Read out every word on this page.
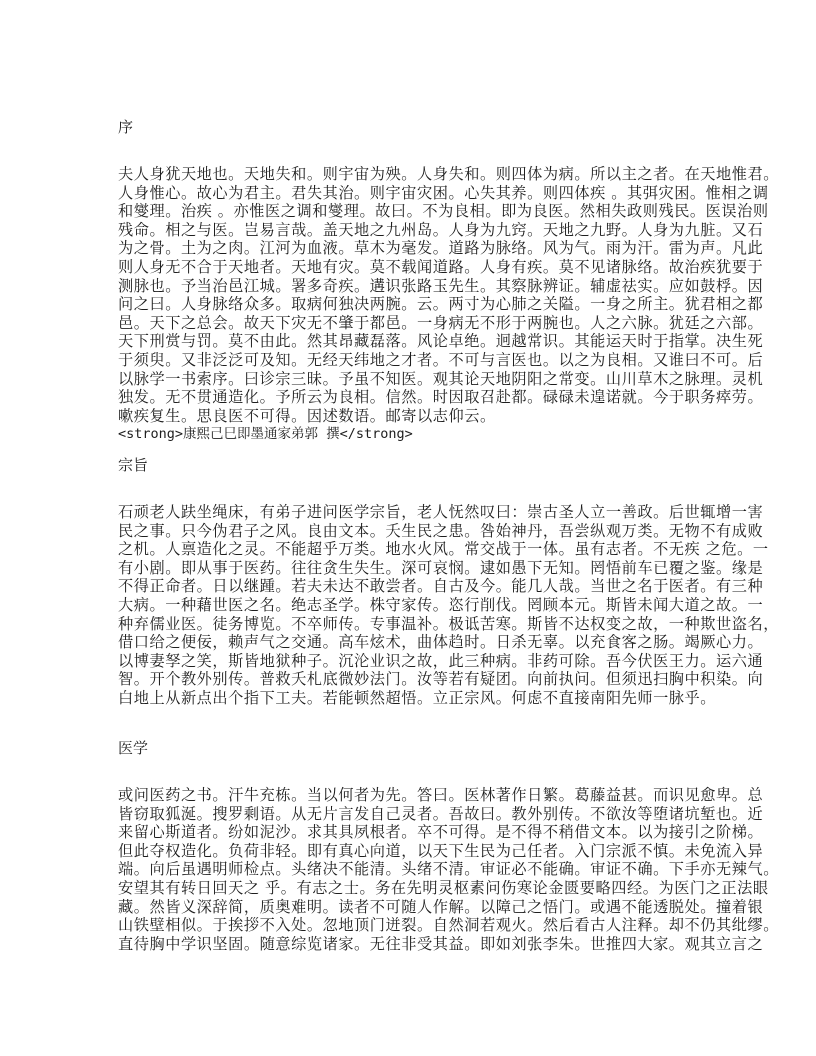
序
夫人身犹天地也。天地失和。则宇宙为殃。人身失和。则四体为病。所以主之者。在天地惟君。
人身惟心。故心为君主。君失其治。则宇宙灾困。心失其养。则四体疾 。其弭灾困。惟相之调
和燮理。治疾 。亦惟医之调和燮理。故曰。不为良相。即为良医。然相失政则残民。医误治则
残命。相之与医。岂易言哉。盖天地之九州岛。人身为九窍。天地之九野。人身为九脏。又石
为之骨。土为之肉。江河为血液。草木为毫发。道路为脉络。风为气。雨为汗。雷为声。凡此
则人身无不合于天地者。天地有灾。莫不载闻道路。人身有疾。莫不见诸脉络。故治疾犹要于
测脉也。予当治邑江城。署多奇疾。遘识张路玉先生。其察脉辨证。辅虚祛实。应如鼓桴。因
问之曰。人身脉络众多。取病何独决两腕。云。两寸为心肺之关隘。一身之所主。犹君相之都
邑。天下之总会。故天下灾无不肇于都邑。一身病无不形于两腕也。人之六脉。犹廷之六部。
天下刑赏与罚。莫不由此。然其昂藏磊落。风论卓绝。迥越常识。其能运天时于指掌。决生死
于须臾。又非泛泛可及知。无经天纬地之才者。不可与言医也。以之为良相。又谁曰不可。后
以脉学一书索序。曰诊宗三昧。予虽不知医。观其论天地阴阳之常变。山川草木之脉理。灵机
独发。无不贯通造化。予所云为良相。信然。时因取召赴都。碌碌未遑诺就。今于职务瘁劳。
嗽疾复生。思良医不可得。因述数语。邮寄以志仰云。
<strong>康熙己巳即墨通家弟郭 撰</strong>
宗旨
石顽老人趺坐绳床，有弟子进问医学宗旨，老人怃然叹曰：崇古圣人立一善政。后世辄增一害
民之事。只今伪君子之风。良由文本。夭生民之患。咎始神丹，吾尝纵观万类。无物不有成败
之机。人禀造化之灵。不能超乎万类。地水火风。常交战于一体。虽有志者。不无疾 之危。一
有小剧。即从事于医药。往往贪生失生。深可哀悯。逮如愚下无知。罔悟前车已覆之鉴。缘是
不得正命者。日以继踵。若夫未达不敢尝者。自古及今。能几人哉。当世之名于医者。有三种
大病。一种藉世医之名。绝志圣学。株守家传。恣行削伐。罔顾本元。斯皆未闻大道之故。一
种弃儒业医。徒务博览。不卒师传。专事温补。极诋苦寒。斯皆不达权变之故，一种欺世盗名，
借口给之便佞，赖声气之交通。高车炫术，曲体趋时。日杀无辜。以充食客之肠。竭厥心力。
以博妻孥之笑，斯皆地狱种子。沉沦业识之故，此三种病。非药可除。吾今伏医王力。运六通
智。开个教外别传。普救夭札底微妙法门。汝等若有疑团。向前执问。但须迅扫胸中积染。向
白地上从新点出个指下工夫。若能顿然超悟。立正宗风。何虑不直接南阳先师一脉乎。
医学
或问医药之书。汗牛充栋。当以何者为先。答曰。医林著作日繁。葛藤益甚。而识见愈卑。总
皆窃取狐涎。搜罗剩语。从无片言发自己灵者。吾故曰。教外别传。不欲汝等堕诸坑堑也。近
来留心斯道者。纷如泥沙。求其具夙根者。卒不可得。是不得不稍借文本。以为接引之阶梯。
但此夺权造化。负荷非轻。即有真心向道，以天下生民为己任者。入门宗派不慎。未免流入异
端。向后虽遇明师检点。头绪决不能清。头绪不清。审证必不能确。审证不确。下手亦无辣气。
安望其有转日回天之 乎。有志之士。务在先明灵枢素问伤寒论金匮要略四经。为医门之正法眼
藏。然皆义深辞简，质奥难明。读者不可随人作解。以障己之悟门。或遇不能透脱处。撞着银
山铁壁相似。于挨拶不入处。忽地顶门迸裂。自然洞若观火。然后看古人注释。却不仍其纰缪。
直待胸中学识坚固。随意综览诸家。无往非受其益。即如刘张李朱。世推四大家。观其立言之
